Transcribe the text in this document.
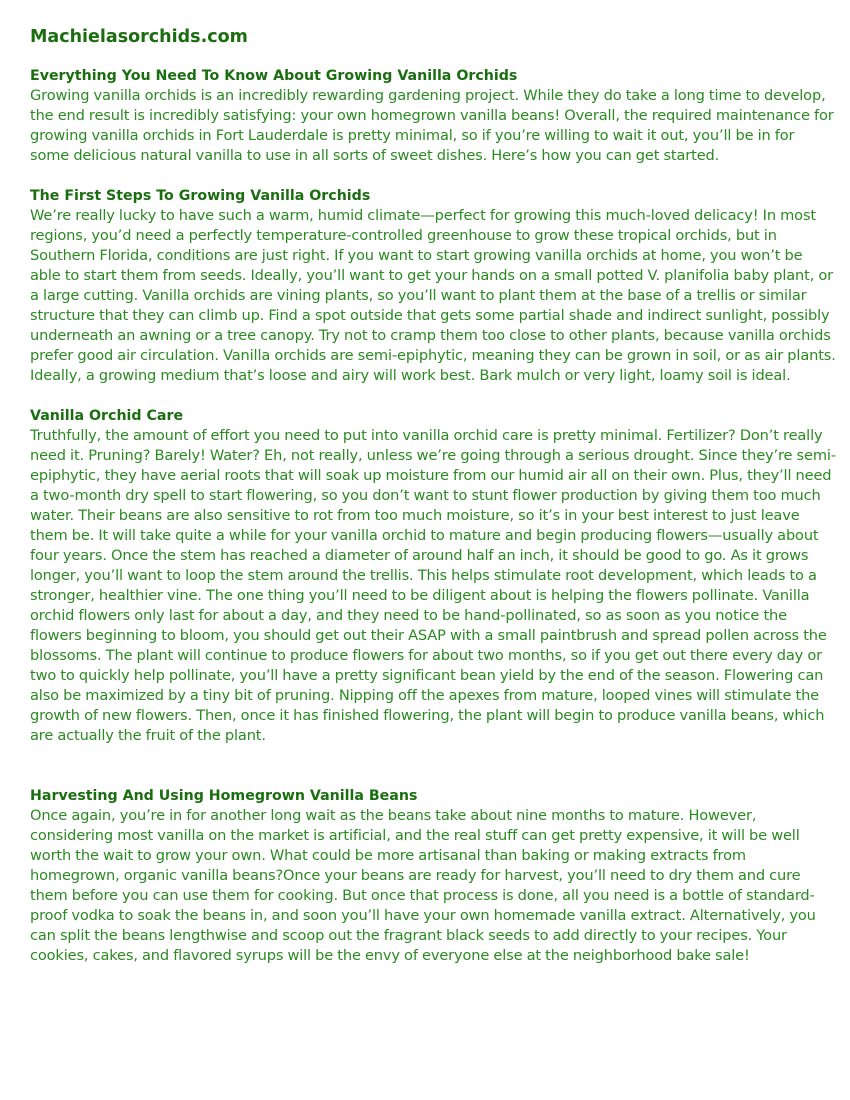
Machielasorchids.com
Everything You Need To Know About Growing Vanilla Orchids

Growing vanilla orchids is an incredibly rewarding gardening project. While they do take a long time to develop, the end result is incredibly satisfying: your own homegrown vanilla beans! Overall, the required maintenance for growing vanilla orchids in Fort Lauderdale is pretty minimal, so if you’re willing to wait it out, you’ll be in for some delicious natural vanilla to use in all sorts of sweet dishes. Here’s how you can get started.

The First Steps To Growing Vanilla Orchids

We’re really lucky to have such a warm, humid climate—perfect for growing this much-loved delicacy! In most regions, you’d need a perfectly temperature-controlled greenhouse to grow these tropical orchids, but in Southern Florida, conditions are just right. If you want to start growing vanilla orchids at home, you won’t be able to start them from seeds. Ideally, you’ll want to get your hands on a small potted V. planifolia baby plant, or a large cutting. Vanilla orchids are vining plants, so you’ll want to plant them at the base of a trellis or similar structure that they can climb up. Find a spot outside that gets some partial shade and indirect sunlight, possibly underneath an awning or a tree canopy. Try not to cramp them too close to other plants, because vanilla orchids prefer good air circulation. Vanilla orchids are semi-epiphytic, meaning they can be grown in soil, or as air plants. Ideally, a growing medium that’s loose and airy will work best. Bark mulch or very light, loamy soil is ideal.

Vanilla Orchid Care

Truthfully, the amount of effort you need to put into vanilla orchid care is pretty minimal. Fertilizer? Don’t really need it. Pruning? Barely! Water? Eh, not really, unless we’re going through a serious drought. Since they’re semi-epiphytic, they have aerial roots that will soak up moisture from our humid air all on their own. Plus, they’ll need a two-month dry spell to start flowering, so you don’t want to stunt flower production by giving them too much water. Their beans are also sensitive to rot from too much moisture, so it’s in your best interest to just leave them be. It will take quite a while for your vanilla orchid to mature and begin producing flowers—usually about four years. Once the stem has reached a diameter of around half an inch, it should be good to go. As it grows longer, you’ll want to loop the stem around the trellis. This helps stimulate root development, which leads to a stronger, healthier vine. The one thing you’ll need to be diligent about is helping the flowers pollinate. Vanilla orchid flowers only last for about a day, and they need to be hand-pollinated, so as soon as you notice the flowers beginning to bloom, you should get out their ASAP with a small paintbrush and spread pollen across the blossoms. The plant will continue to produce flowers for about two months, so if you get out there every day or two to quickly help pollinate, you’ll have a pretty significant bean yield by the end of the season. Flowering can also be maximized by a tiny bit of pruning. Nipping off the apexes from mature, looped vines will stimulate the growth of new flowers. Then, once it has finished flowering, the plant will begin to produce vanilla beans, which are actually the fruit of the plant.

Harvesting And Using Homegrown Vanilla Beans

Once again, you’re in for another long wait as the beans take about nine months to mature. However, considering most vanilla on the market is artificial, and the real stuff can get pretty expensive, it will be well worth the wait to grow your own. What could be more artisanal than baking or making extracts from homegrown, organic vanilla beans?Once your beans are ready for harvest, you’ll need to dry them and cure them before you can use them for cooking. But once that process is done, all you need is a bottle of standard-proof vodka to soak the beans in, and soon you’ll have your own homemade vanilla extract. Alternatively, you can split the beans lengthwise and scoop out the fragrant black seeds to add directly to your recipes. Your cookies, cakes, and flavored syrups will be the envy of everyone else at the neighborhood bake sale!
